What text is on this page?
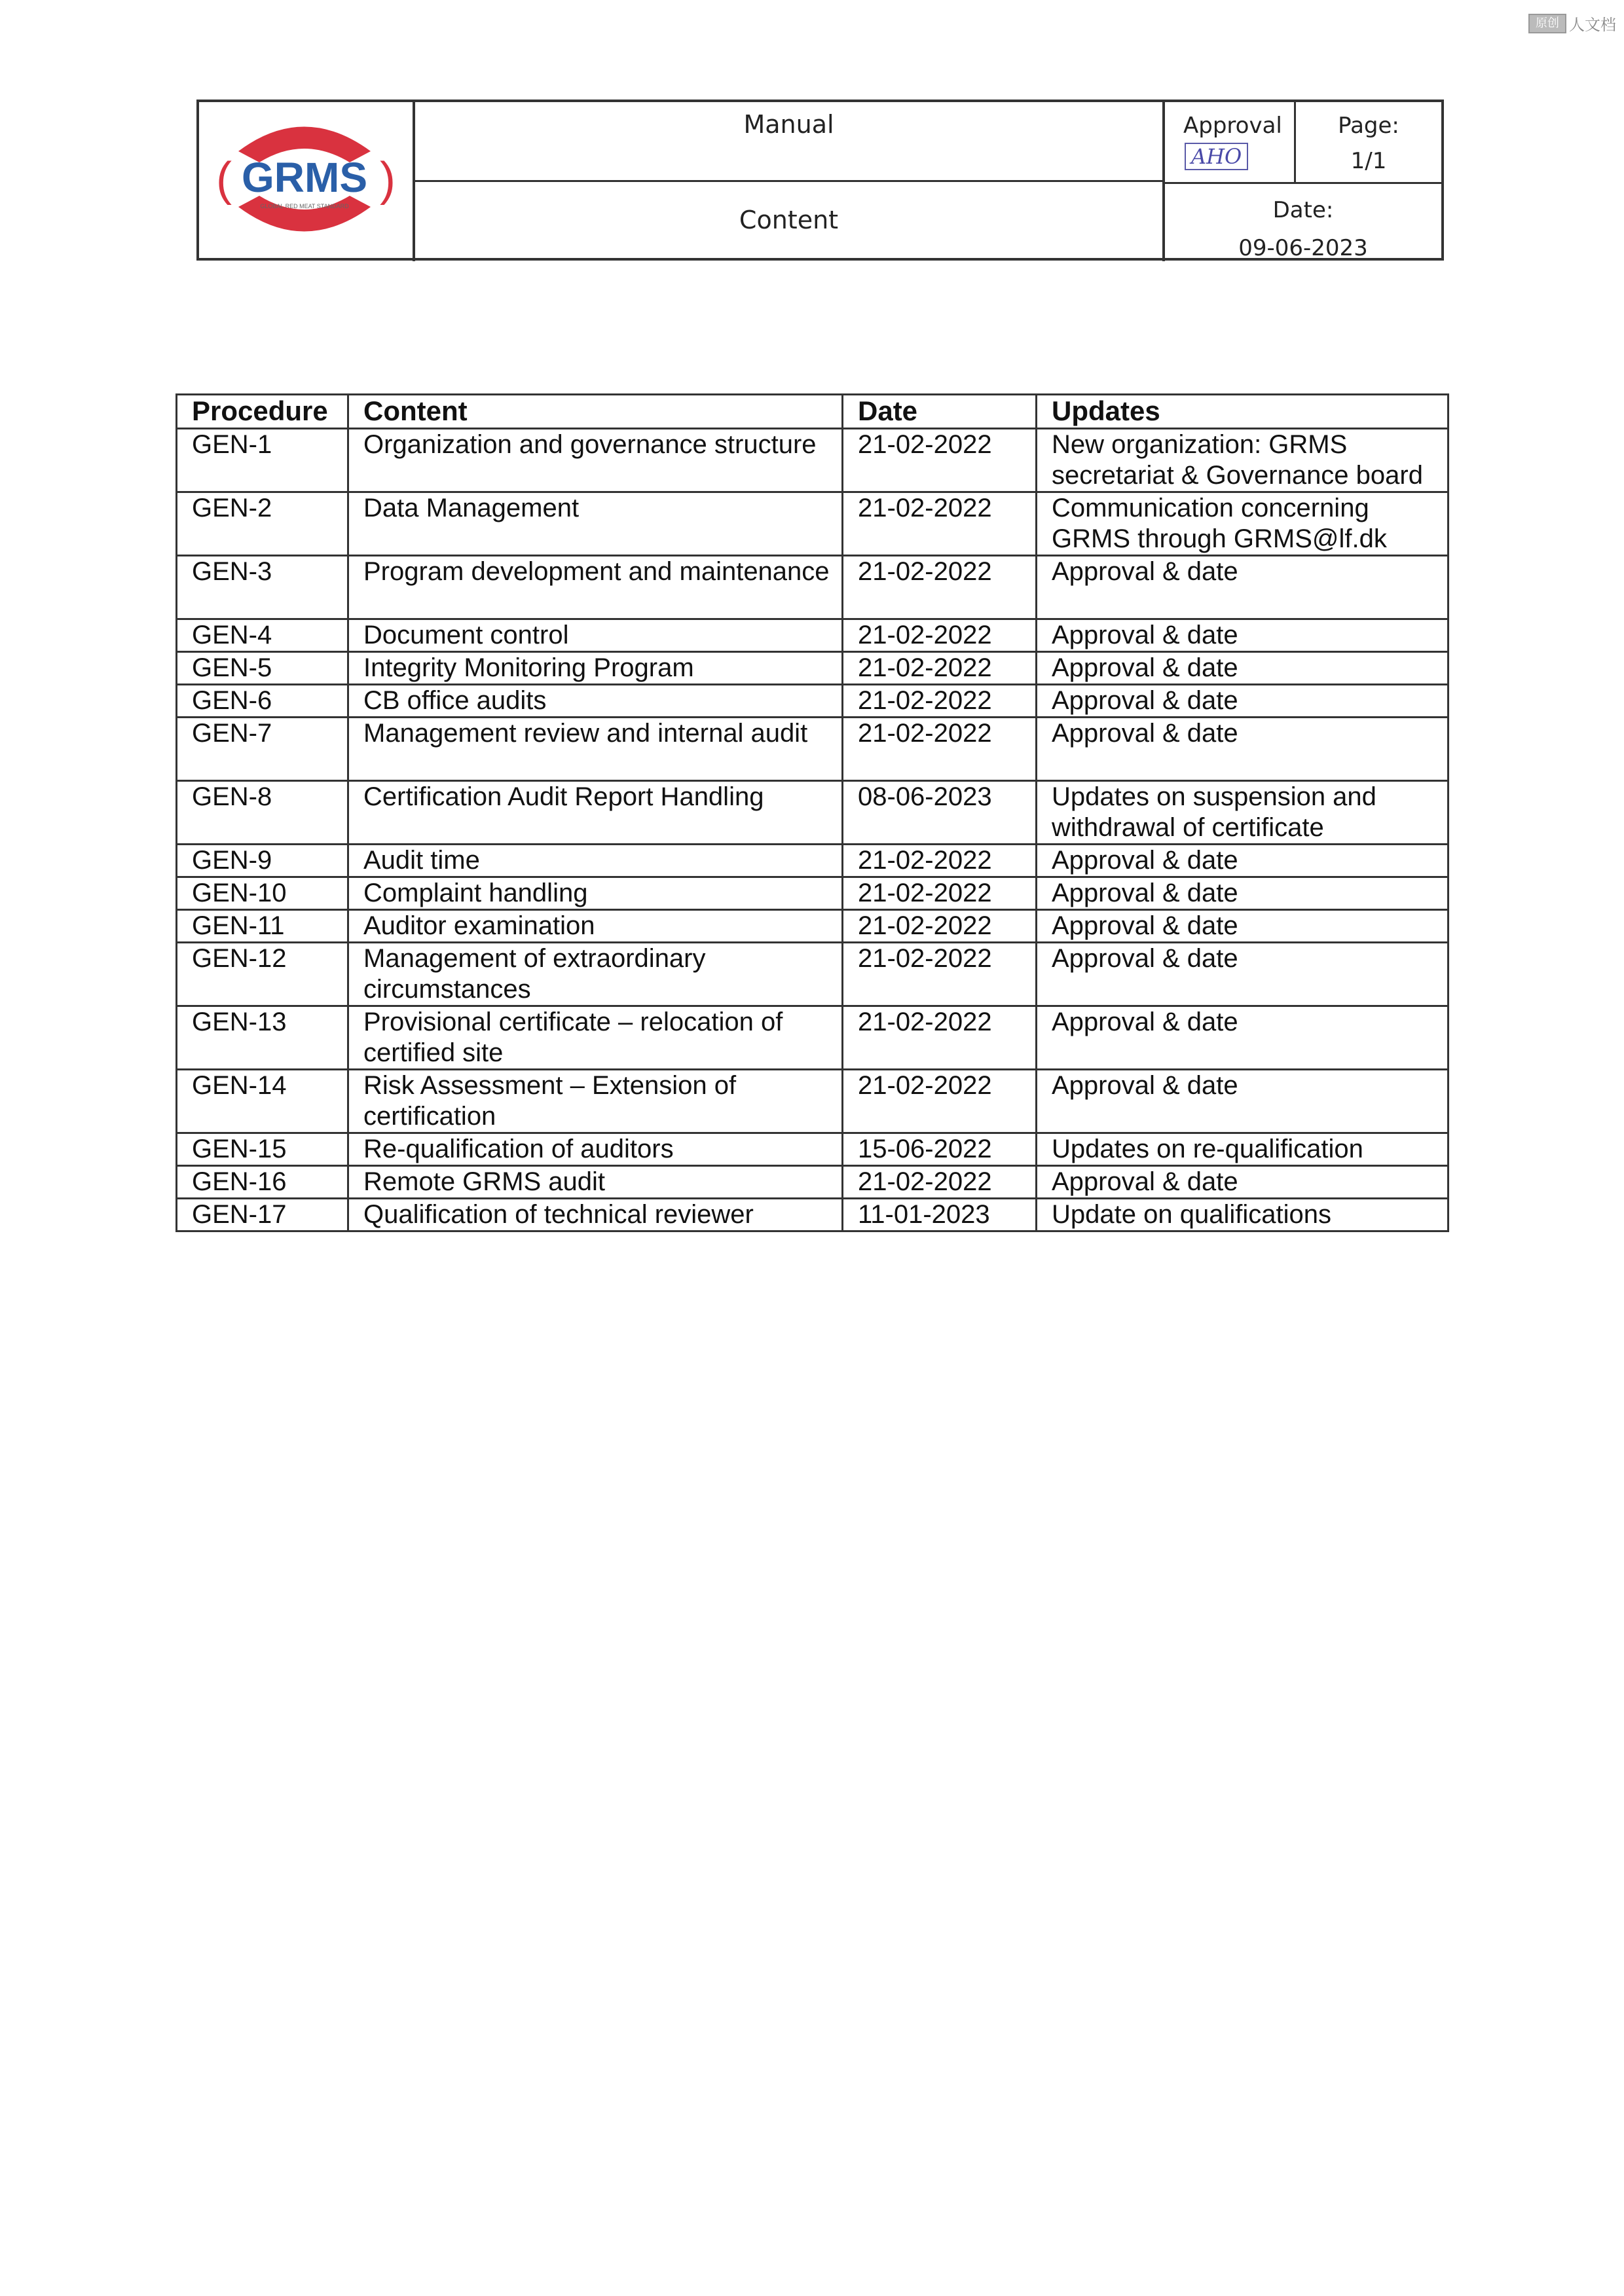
原创 人文档
(	)
GRMS
GLOBAL RED MEAT STANDARD
Manual
Content
Approval
AHO
Page:
1/1
Date:
09-06-2023
Procedure	Content	Date	Updates
GEN-1	Organization and governance structure	21-02-2022	New organization: GRMS secretariat & Governance board
GEN-2	Data Management	21-02-2022	Communication concerning GRMS through GRMS@lf.dk
GEN-3	Program development and maintenance	21-02-2022	Approval & date
GEN-4	Document control	21-02-2022	Approval & date
GEN-5	Integrity Monitoring Program	21-02-2022	Approval & date
GEN-6	CB office audits	21-02-2022	Approval & date
GEN-7	Management review and internal audit	21-02-2022	Approval & date
GEN-8	Certification Audit Report Handling	08-06-2023	Updates on suspension and withdrawal of certificate
GEN-9	Audit time	21-02-2022	Approval & date
GEN-10	Complaint handling	21-02-2022	Approval & date
GEN-11	Auditor examination	21-02-2022	Approval & date
GEN-12	Management of extraordinary circumstances	21-02-2022	Approval & date
GEN-13	Provisional certificate – relocation of certified site	21-02-2022	Approval & date
GEN-14	Risk Assessment – Extension of certification	21-02-2022	Approval & date
GEN-15	Re-qualification of auditors	15-06-2022	Updates on re-qualification
GEN-16	Remote GRMS audit	21-02-2022	Approval & date
GEN-17	Qualification of technical reviewer	11-01-2023	Update on qualifications
